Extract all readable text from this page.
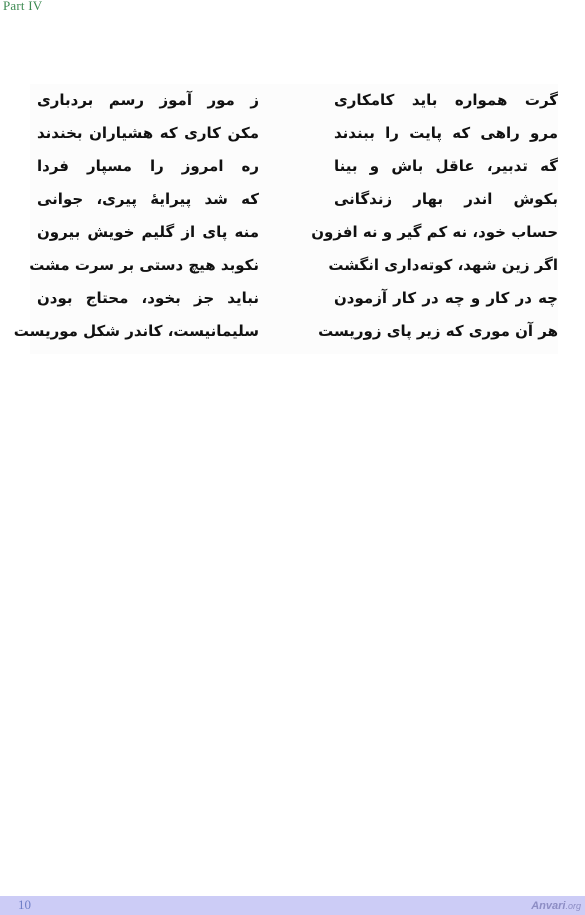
Part IV
گرت همواره باید کامکاری
ز مور آموز رسم بردباری
مرو راهی که پایت را ببندند
مکن کاری که هشیاران بخندند
گه تدبیر، عاقل باش و بینا
ره امروز را مسپار فردا
بکوش اندر بهار زندگانی
که شد پیرایهٔ پیری، جوانی
حساب خود، نه کم گیر و نه افزون
منه پای از گلیم خویش بیرون
اگر زین شهد، کوته‌داری انگشت
نکوبد هیچ دستی بر سرت مشت
چه در کار و چه در کار آزمودن
نباید جز بخود، محتاج بودن
هر آن موری که زیر پای زوریست
سلیمانیست، کاندر شکل موریست
10	Anvari.org
